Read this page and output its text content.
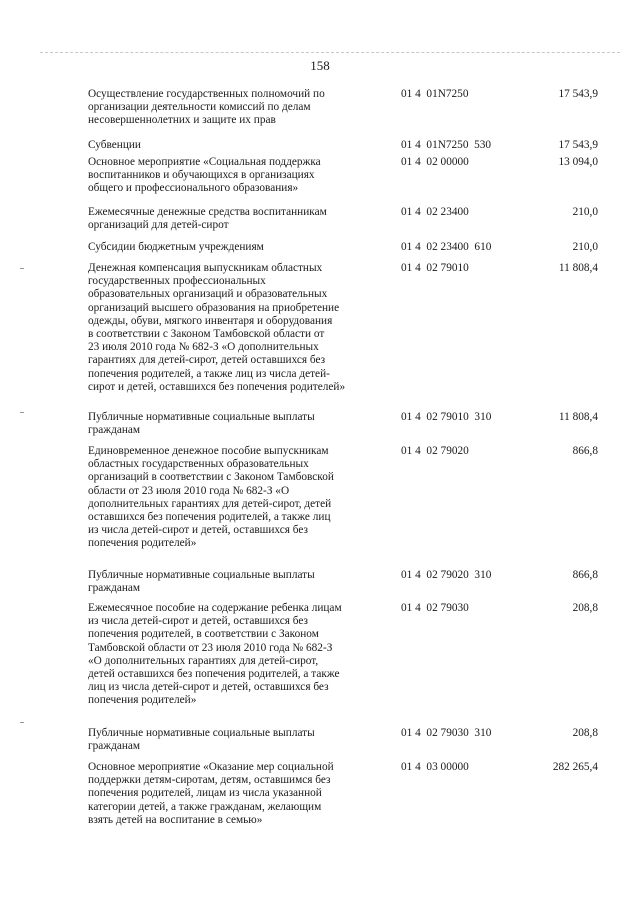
158
Осуществление государственных полномочий по
организации деятельности комиссий по делам
несовершеннолетних и защите их прав
01 4  01N7250	17 543,9
Субвенции	01 4  01N7250  530	17 543,9
Основное мероприятие «Социальная поддержка
воспитанников и обучающихся в организациях
общего и профессионального образования»
01 4  02 00000	13 094,0
Ежемесячные денежные средства воспитанникам
организаций для детей-сирот
01 4  02 23400	210,0
Субсидии бюджетным учреждениям	01 4  02 23400  610	210,0
Денежная компенсация выпускникам областных
государственных профессиональных
образовательных организаций и образовательных
организаций высшего образования на приобретение
одежды, обуви, мягкого инвентаря и оборудования
в соответствии с Законом Тамбовской области от
23 июля 2010 года № 682-З «О дополнительных
гарантиях для детей-сирот, детей оставшихся без
попечения родителей, а также лиц из числа детей-
сирот и детей, оставшихся без попечения родителей»
01 4  02 79010	11 808,4
Публичные нормативные социальные выплаты
гражданам
01 4  02 79010  310	11 808,4
Единовременное денежное пособие выпускникам
областных государственных образовательных
организаций в соответствии с Законом Тамбовской
области от 23 июля 2010 года № 682-З «О
дополнительных гарантиях для детей-сирот, детей
оставшихся без попечения родителей, а также лиц
из числа детей-сирот и детей, оставшихся без
попечения родителей»
01 4  02 79020	866,8
Публичные нормативные социальные выплаты
гражданам
01 4  02 79020  310	866,8
Ежемесячное пособие на содержание ребенка лицам
из числа детей-сирот и детей, оставшихся без
попечения родителей, в соответствии с Законом
Тамбовской области от 23 июля 2010 года № 682-З
«О дополнительных гарантиях для детей-сирот,
детей оставшихся без попечения родителей, а также
лиц из числа детей-сирот и детей, оставшихся без
попечения родителей»
01 4  02 79030	208,8
Публичные нормативные социальные выплаты
гражданам
01 4  02 79030  310	208,8
Основное мероприятие «Оказание мер социальной
поддержки детям-сиротам, детям, оставшимся без
попечения родителей, лицам из числа указанной
категории детей, а также гражданам, желающим
взять детей на воспитание в семью»
01 4  03 00000	282 265,4
